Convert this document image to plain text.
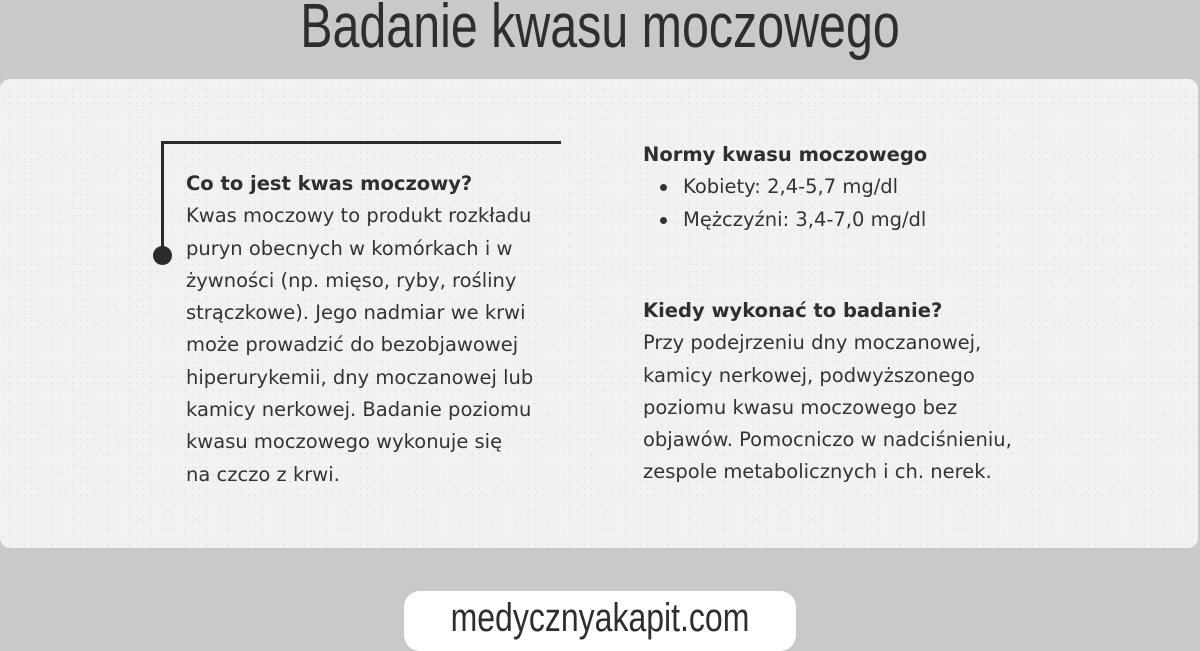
Badanie kwasu moczowego
Co to jest kwas moczowy?
Kwas moczowy to produkt rozkładu
puryn obecnych w komórkach i w
żywności (np. mięso, ryby, rośliny
strączkowe). Jego nadmiar we krwi
może prowadzić do bezobjawowej
hiperurykemii, dny moczanowej lub
kamicy nerkowej. Badanie poziomu
kwasu moczowego wykonuje się
na czczo z krwi.
Normy kwasu moczowego
Kobiety: 2,4-5,7 mg/dl
Mężczyźni: 3,4-7,0 mg/dl
Kiedy wykonać to badanie?
Przy podejrzeniu dny moczanowej,
kamicy nerkowej, podwyższonego
poziomu kwasu moczowego bez
objawów. Pomocniczo w nadciśnieniu,
zespole metabolicznych i ch. nerek.
medycznyakapit.com
